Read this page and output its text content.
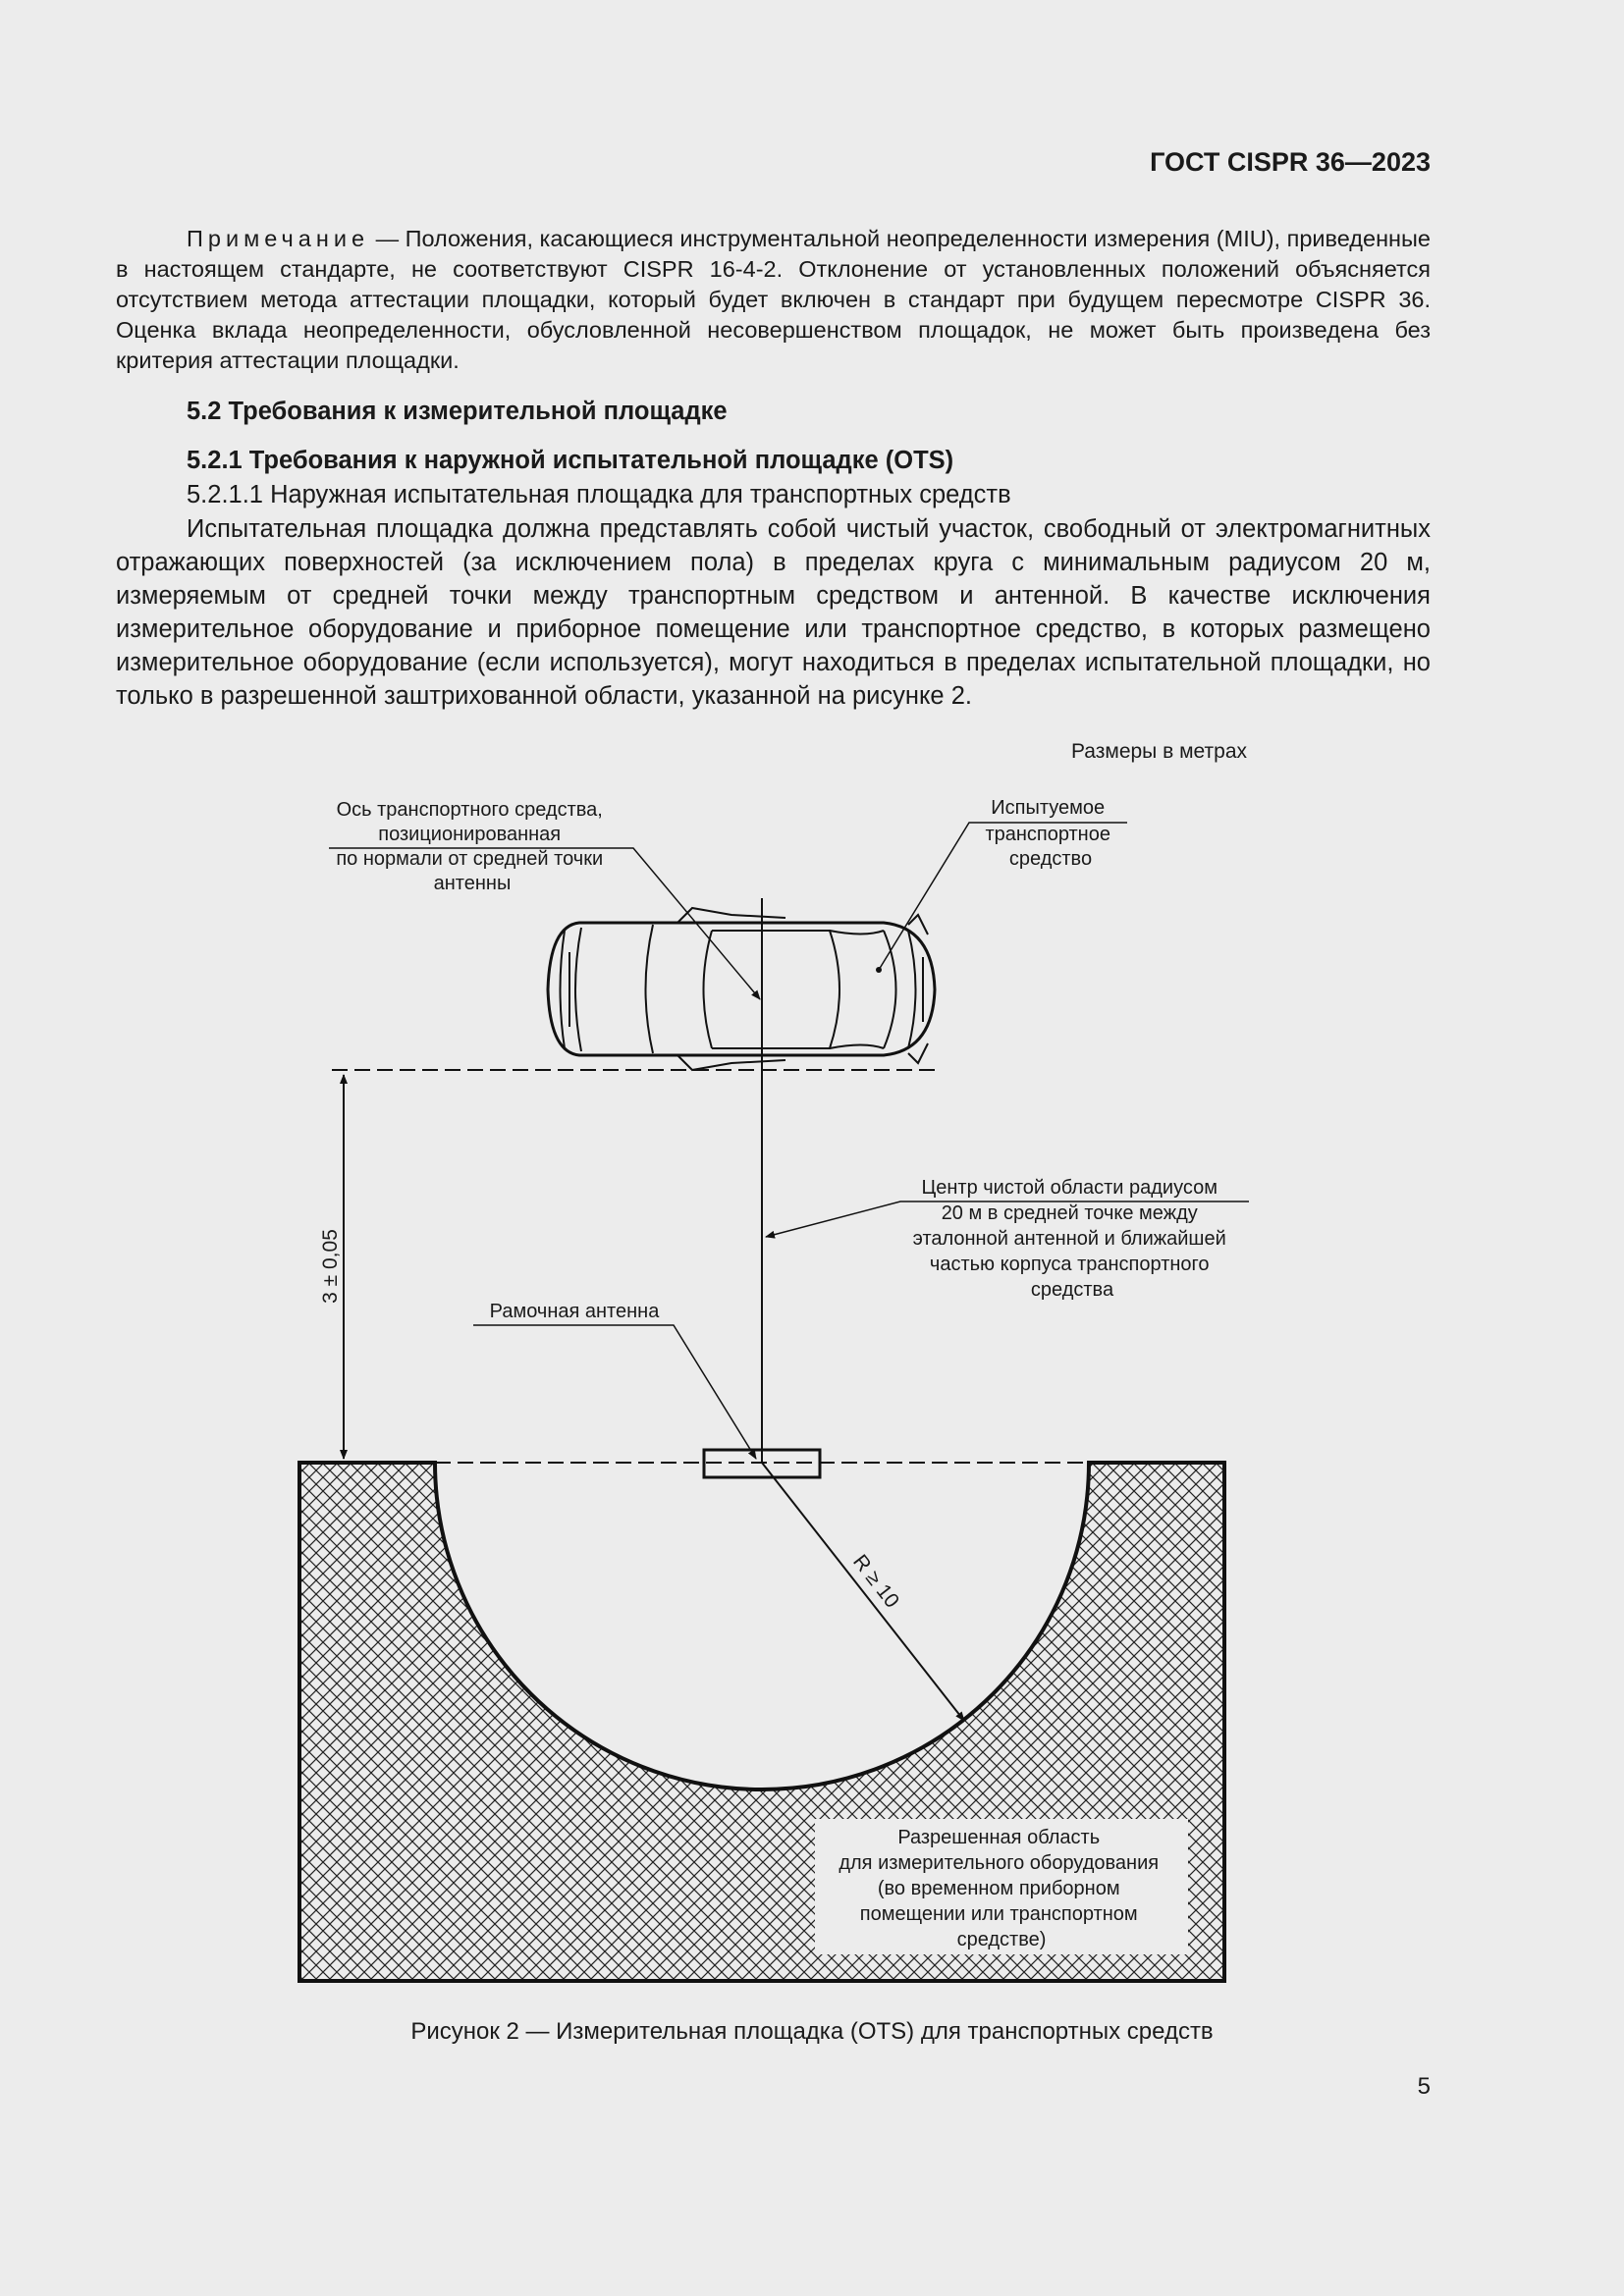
ГОСТ CISPR 36—2023

Примечание — Положения, касающиеся инструментальной неопределенности измерения (MIU), приведенные в настоящем стандарте, не соответствуют CISPR 16-4-2. Отклонение от установленных положений объясняется отсутствием метода аттестации площадки, который будет включен в стандарт при будущем пересмотре CISPR 36. Оценка вклада неопределенности, обусловленной несовершенством площадок, не может быть произведена без критерия аттестации площадки.

5.2 Требования к измерительной площадке
5.2.1 Требования к наружной испытательной площадке (OTS)
5.2.1.1 Наружная испытательная площадка для транспортных средств

Испытательная площадка должна представлять собой чистый участок, свободный от электромагнитных отражающих поверхностей (за исключением пола) в пределах круга с минимальным радиусом 20 м, измеряемым от средней точки между транспортным средством и антенной. В качестве исключения измерительное оборудование и приборное помещение или транспортное средство, в которых размещено измерительное оборудование (если используется), могут находиться в пределах испытательной площадки, но только в разрешенной заштрихованной области, указанной на рисунке 2.

Размеры в метрах
Разрешенная область для измерительного оборудования (во временном приборном помещении или транспортном средстве)
3 ± 0,05
R ≥ 10
Ось транспортного средства, позиционированная по нормали от средней точки антенны
Испытуемое транспортное средство
Центр чистой области радиусом 20 м в средней точке между эталонной антенной и ближайшей частью корпуса транспортного средства
Рамочная антенна
Рисунок 2 — Измерительная площадка (OTS) для транспортных средств
5
